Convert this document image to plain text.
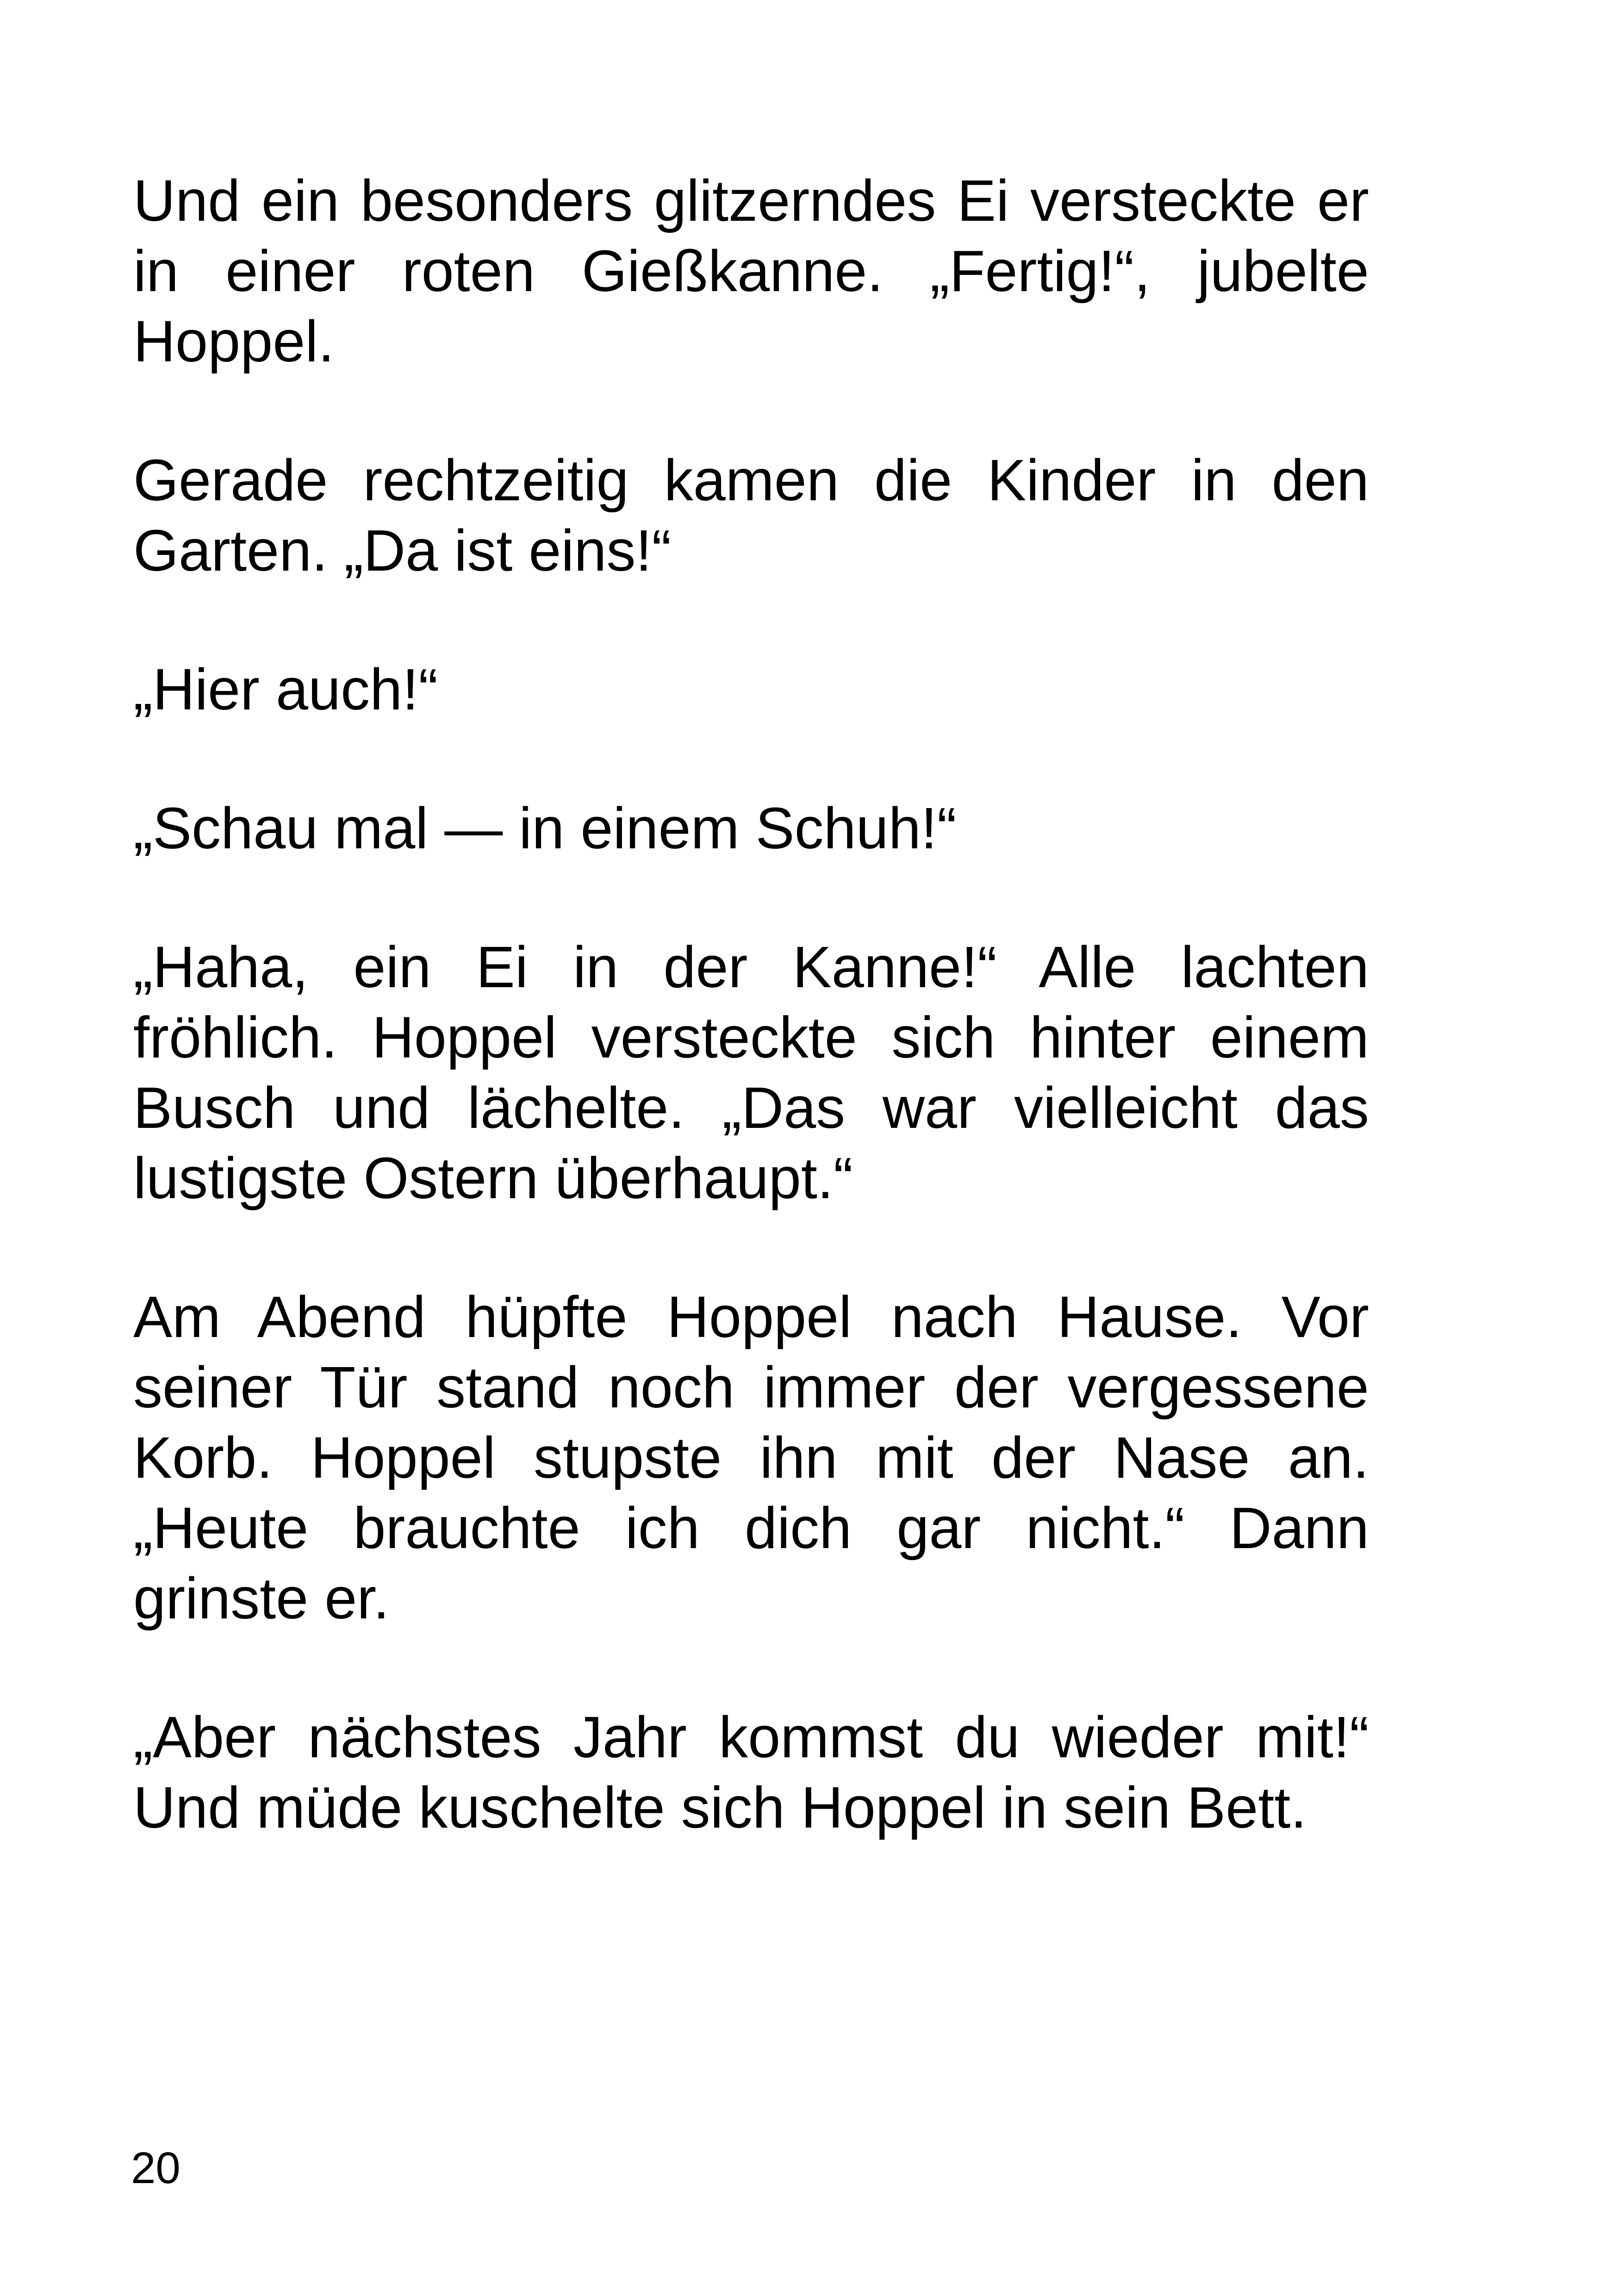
Und ein besonders glitzerndes Ei versteckte er in einer roten Gießkanne. „Fertig!“, jubelte Hoppel.

Gerade rechtzeitig kamen die Kinder in den Garten. „Da ist eins!“

„Hier auch!“

„Schau mal — in einem Schuh!“

„Haha, ein Ei in der Kanne!“ Alle lachten fröhlich. Hoppel versteckte sich hinter einem Busch und lächelte. „Das war vielleicht das lustigste Ostern überhaupt.“

Am Abend hüpfte Hoppel nach Hause. Vor seiner Tür stand noch immer der vergessene Korb. Hoppel stupste ihn mit der Nase an. „Heute brauchte ich dich gar nicht.“ Dann grinste er.

„Aber nächstes Jahr kommst du wieder mit!“ Und müde kuschelte sich Hoppel in sein Bett.

20
